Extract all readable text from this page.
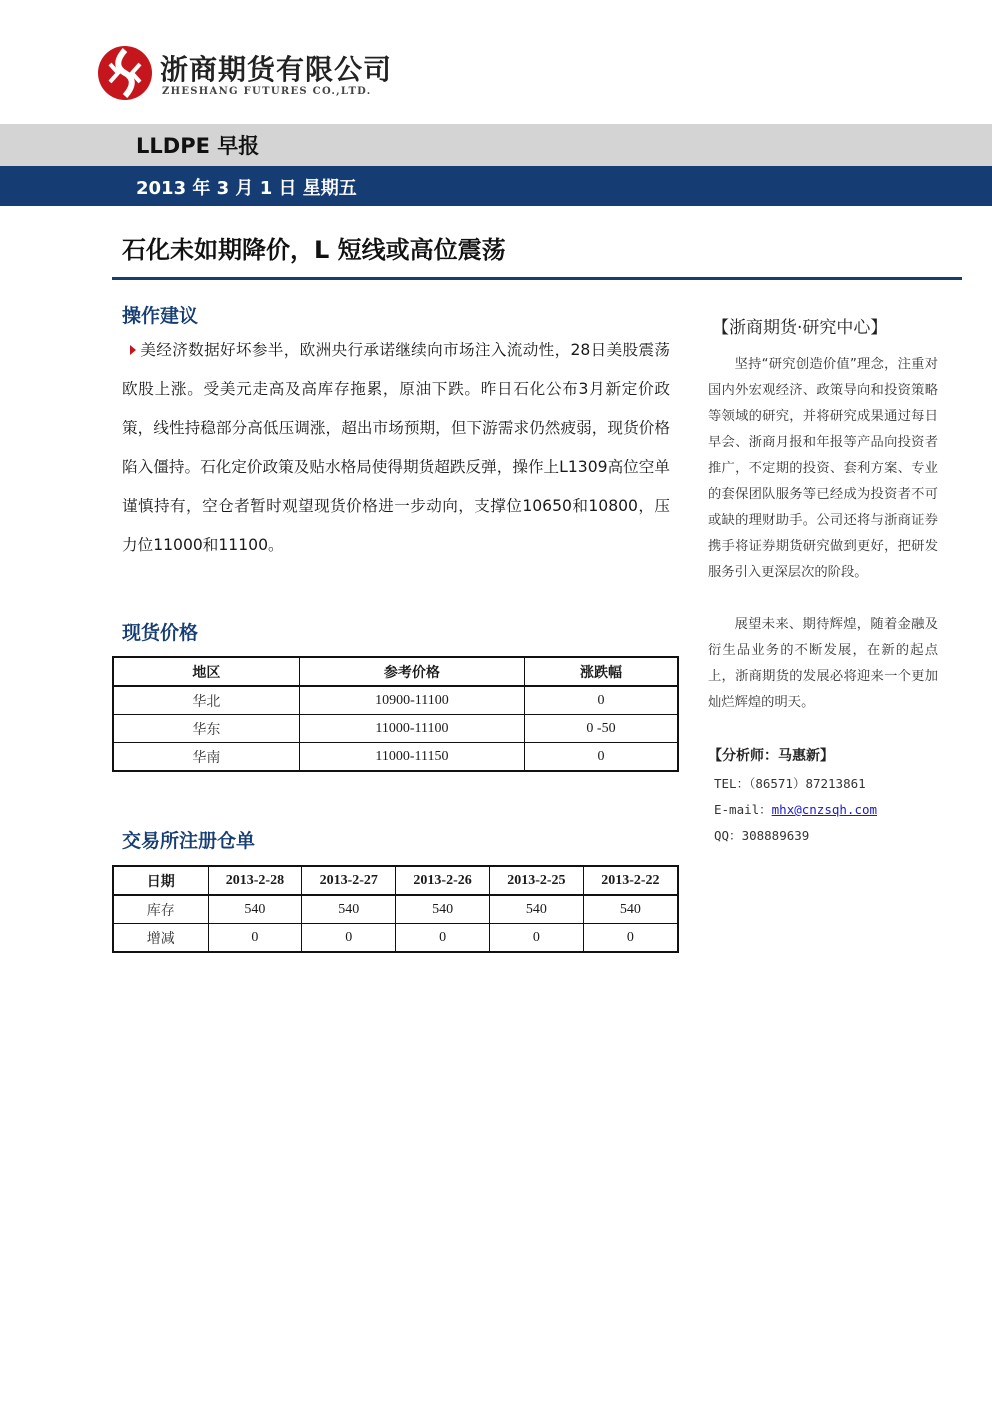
浙商期货有限公司
ZHESHANG FUTURES CO.,LTD.
LLDPE 早报
2013 年 3 月 1 日 星期五
石化未如期降价，L 短线或高位震荡
操作建议
美经济数据好坏参半，欧洲央行承诺继续向市场注入流动性，28日美股震荡欧股上涨。受美元走高及高库存拖累，原油下跌。昨日石化公布3月新定价政策，线性持稳部分高低压调涨，超出市场预期，但下游需求仍然疲弱，现货价格陷入僵持。石化定价政策及贴水格局使得期货超跌反弹，操作上L1309高位空单谨慎持有，空仓者暂时观望现货价格进一步动向，支撑位10650和10800，压力位11000和11100。
现货价格
地区	参考价格	涨跌幅
华北	10900-11100	0
华东	11000-11100	0 -50
华南	11000-11150	0
交易所注册仓单
日期	2013-2-28	2013-2-27	2013-2-26	2013-2-25	2013-2-22
库存	540	540	540	540	540
增减	0	0	0	0	0
【浙商期货·研究中心】
坚持“研究创造价值”理念，注重对国内外宏观经济、政策导向和投资策略等领域的研究，并将研究成果通过每日早会、浙商月报和年报等产品向投资者推广，不定期的投资、套利方案、专业的套保团队服务等已经成为投资者不可或缺的理财助手。公司还将与浙商证券携手将证券期货研究做到更好，把研发服务引入更深层次的阶段。
展望未来、期待辉煌，随着金融及衍生品业务的不断发展，在新的起点上，浙商期货的发展必将迎来一个更加灿烂辉煌的明天。
【分析师：马惠新】
TEL：（86571）87213861
E-mail：mhx@cnzsqh.com
QQ：308889639
